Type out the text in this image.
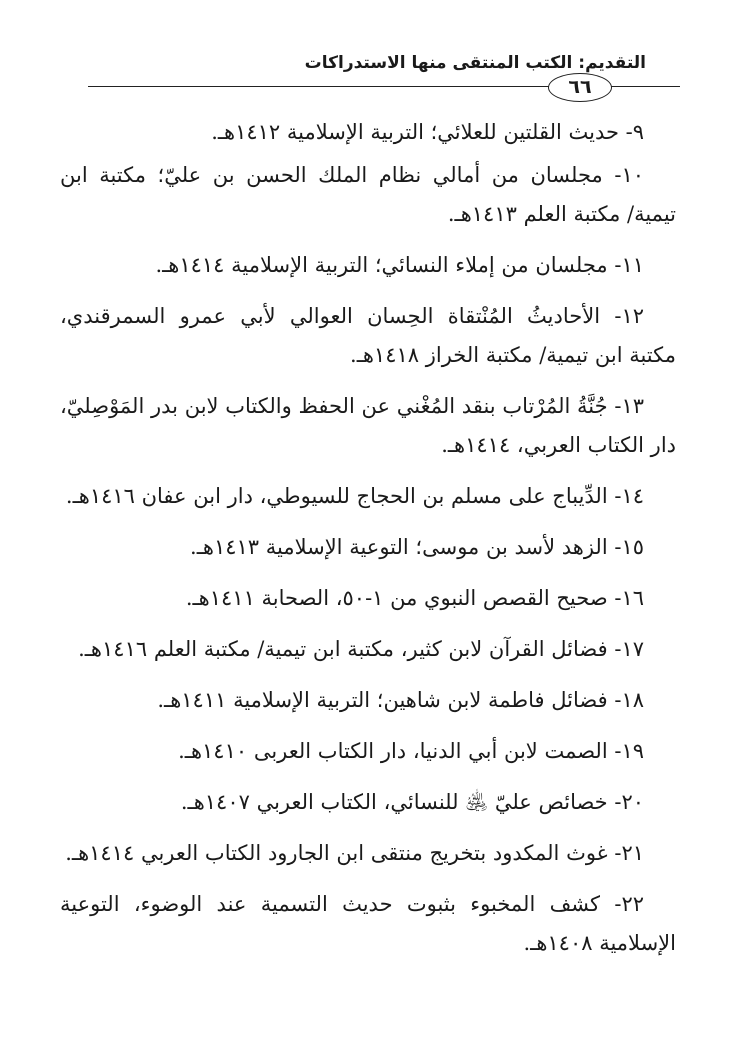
التقديم: الكتب المنتقى منها الاستدراكات
٦٦

٩- حديث القلتين للعلائي؛ التربية الإسلامية ١٤١٢هـ.

١٠- مجلسان من أمالي نظام الملك الحسن بن عليّ؛ مكتبة ابن تيمية/ مكتبة العلم ١٤١٣هـ.

١١- مجلسان من إملاء النسائي؛ التربية الإسلامية ١٤١٤هـ.

١٢- الأحاديثُ المُنْتقاة الحِسان العوالي لأبي عمرو السمرقندي، مكتبة ابن تيمية/ مكتبة الخراز ١٤١٨هـ.

١٣- جُنَّةُ المُرْتاب بنقد المُغْني عن الحفظ والكتاب لابن بدر المَوْصِليّ، دار الكتاب العربي، ١٤١٤هـ.

١٤- الدِّيباج على مسلم بن الحجاج للسيوطي، دار ابن عفان ١٤١٦هـ.

١٥- الزهد لأسد بن موسى؛ التوعية الإسلامية ١٤١٣هـ.

١٦- صحيح القصص النبوي من ١-٥٠، الصحابة ١٤١١هـ.

١٧- فضائل القرآن لابن كثير، مكتبة ابن تيمية/ مكتبة العلم ١٤١٦هـ.

١٨- فضائل فاطمة لابن شاهين؛ التربية الإسلامية ١٤١١هـ.

١٩- الصمت لابن أبي الدنيا، دار الكتاب العربى ١٤١٠هـ.

٢٠- خصائص عليّ ﵁ للنسائي، الكتاب العربي ١٤٠٧هـ.

٢١- غوث المكدود بتخريج منتقى ابن الجارود الكتاب العربي ١٤١٤هـ.

٢٢- كشف المخبوء بثبوت حديث التسمية عند الوضوء، التوعية الإسلامية ١٤٠٨هـ.
